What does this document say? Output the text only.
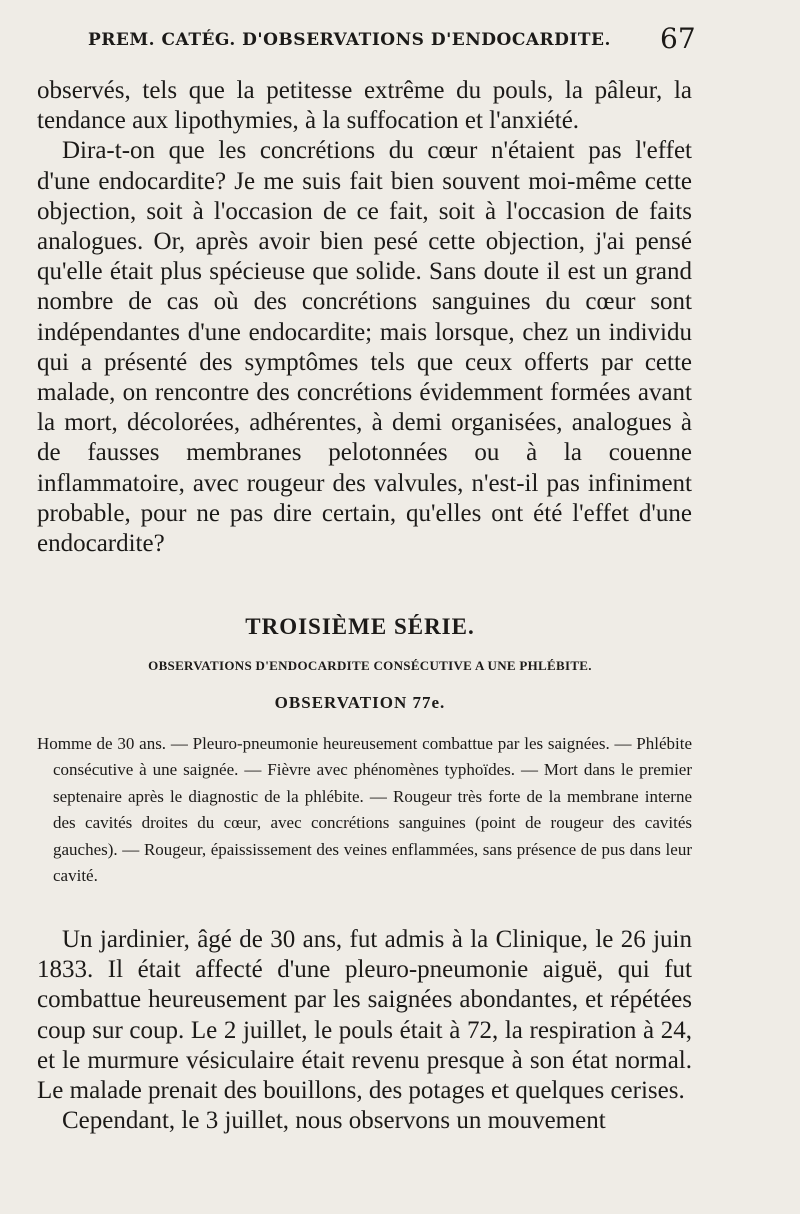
PREM. CATÉG. D'OBSERVATIONS D'ENDOCARDITE.	67

observés, tels que la petitesse extrême du pouls, la pâleur, la tendance aux lipothymies, à la suffocation et l'anxiété.

Dira-t-on que les concrétions du cœur n'étaient pas l'effet d'une endocardite? Je me suis fait bien souvent moi-même cette objection, soit à l'occasion de ce fait, soit à l'occasion de faits analogues. Or, après avoir bien pesé cette objection, j'ai pensé qu'elle était plus spécieuse que solide. Sans doute il est un grand nombre de cas où des concrétions sanguines du cœur sont indépendantes d'une endocardite; mais lorsque, chez un individu qui a présenté des symptômes tels que ceux offerts par cette malade, on rencontre des concrétions évidemment formées avant la mort, décolorées, adhérentes, à demi organisées, analogues à de fausses membranes pelotonnées ou à la couenne inflammatoire, avec rougeur des valvules, n'est-il pas infiniment probable, pour ne pas dire certain, qu'elles ont été l'effet d'une endocardite?

TROISIÈME SÉRIE.
OBSERVATIONS D'ENDOCARDITE CONSÉCUTIVE A UNE PHLÉBITE.
OBSERVATION 77e.
Homme de 30 ans. — Pleuro-pneumonie heureusement combattue par les saignées. — Phlébite consécutive à une saignée. — Fièvre avec phénomènes typhoïdes. — Mort dans le premier septenaire après le diagnostic de la phlébite. — Rougeur très forte de la membrane interne des cavités droites du cœur, avec concrétions sanguines (point de rougeur des cavités gauches). — Rougeur, épaississement des veines enflammées, sans présence de pus dans leur cavité.

Un jardinier, âgé de 30 ans, fut admis à la Clinique, le 26 juin 1833. Il était affecté d'une pleuro-pneumonie aiguë, qui fut combattue heureusement par les saignées abondantes, et répétées coup sur coup. Le 2 juillet, le pouls était à 72, la respiration à 24, et le murmure vésiculaire était revenu presque à son état normal. Le malade prenait des bouillons, des potages et quelques cerises.

Cependant, le 3 juillet, nous observons un mouvement
